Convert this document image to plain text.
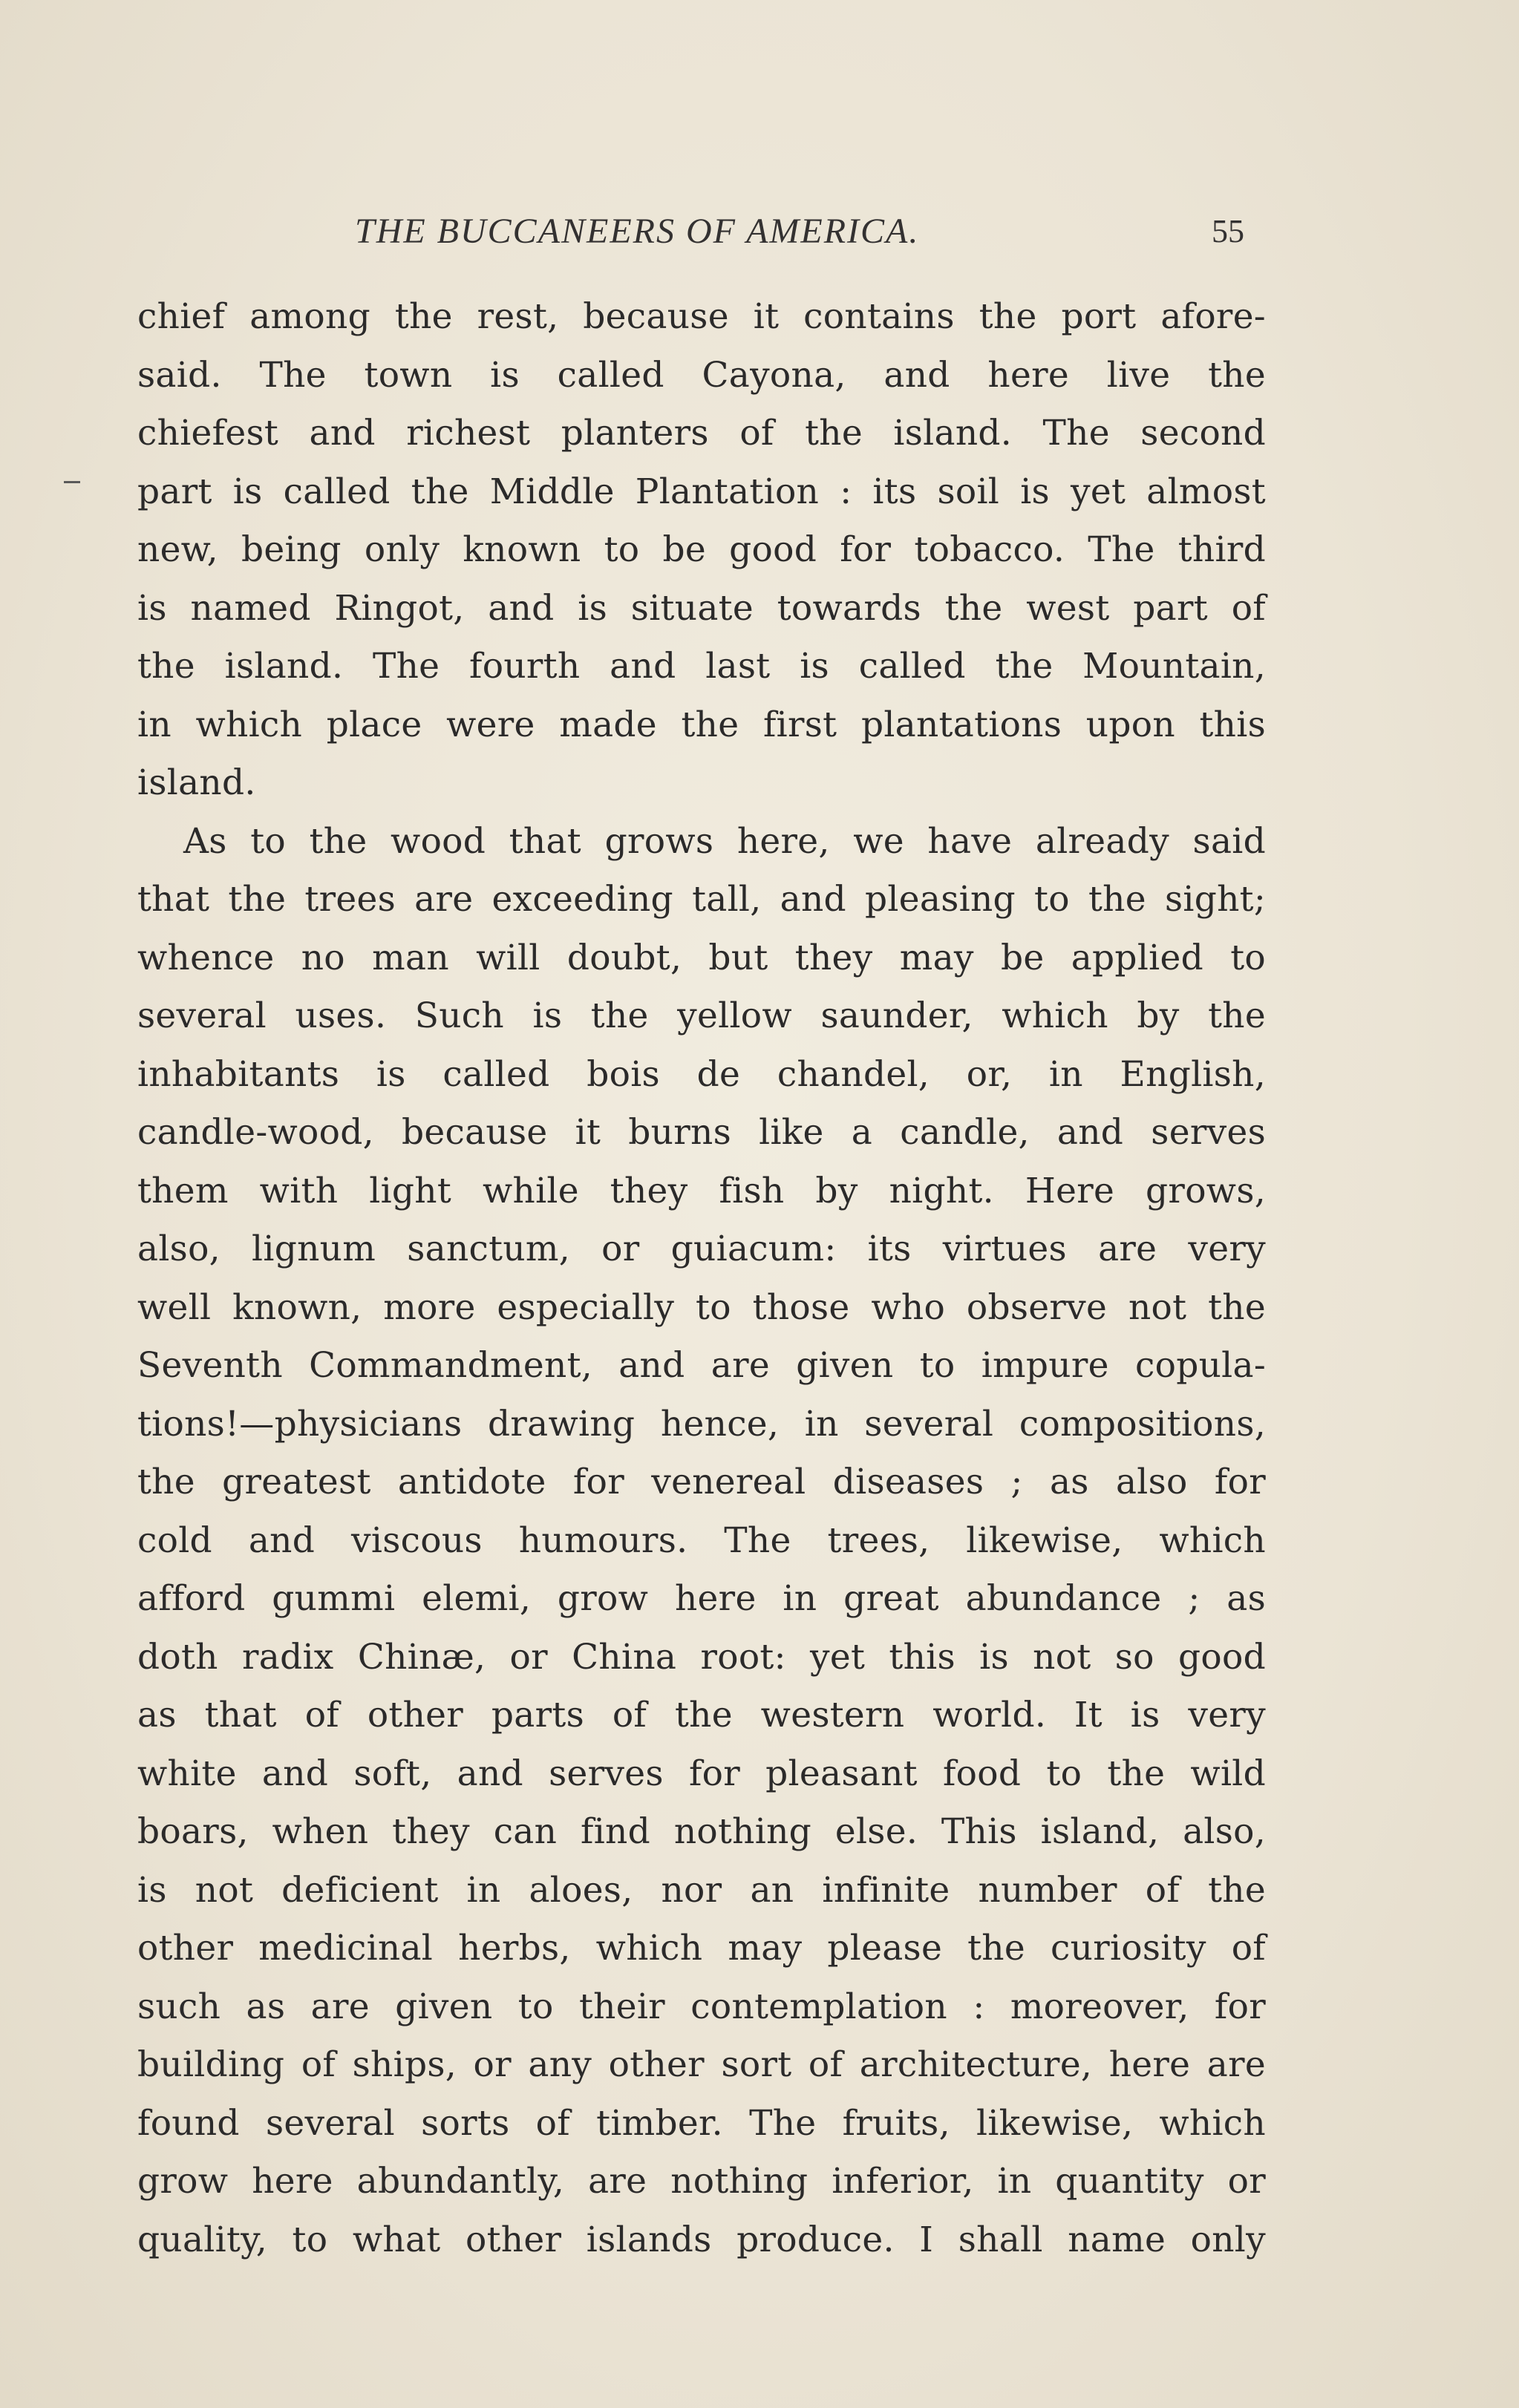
THE BUCCANEERS OF AMERICA.	55
chief among the rest, because it contains the port afore-
said. The town is called Cayona, and here live the
chiefest and richest planters of the island. The second
part is called the Middle Plantation : its soil is yet almost
new, being only known to be good for tobacco. The third
is named Ringot, and is situate towards the west part of
the island. The fourth and last is called the Mountain,
in which place were made the first plantations upon this
island.
As to the wood that grows here, we have already said
that the trees are exceeding tall, and pleasing to the sight;
whence no man will doubt, but they may be applied to
several uses. Such is the yellow saunder, which by the
inhabitants is called bois de chandel, or, in English,
candle-wood, because it burns like a candle, and serves
them with light while they fish by night. Here grows,
also, lignum sanctum, or guiacum: its virtues are very
well known, more especially to those who observe not the
Seventh Commandment, and are given to impure copula-
tions!—physicians drawing hence, in several compositions,
the greatest antidote for venereal diseases ; as also for
cold and viscous humours. The trees, likewise, which
afford gummi elemi, grow here in great abundance ; as
doth radix Chinæ, or China root: yet this is not so good
as that of other parts of the western world. It is very
white and soft, and serves for pleasant food to the wild
boars, when they can find nothing else. This island, also,
is not deficient in aloes, nor an infinite number of the
other medicinal herbs, which may please the curiosity of
such as are given to their contemplation : moreover, for
building of ships, or any other sort of architecture, here are
found several sorts of timber. The fruits, likewise, which
grow here abundantly, are nothing inferior, in quantity or
quality, to what other islands produce. I shall name only
